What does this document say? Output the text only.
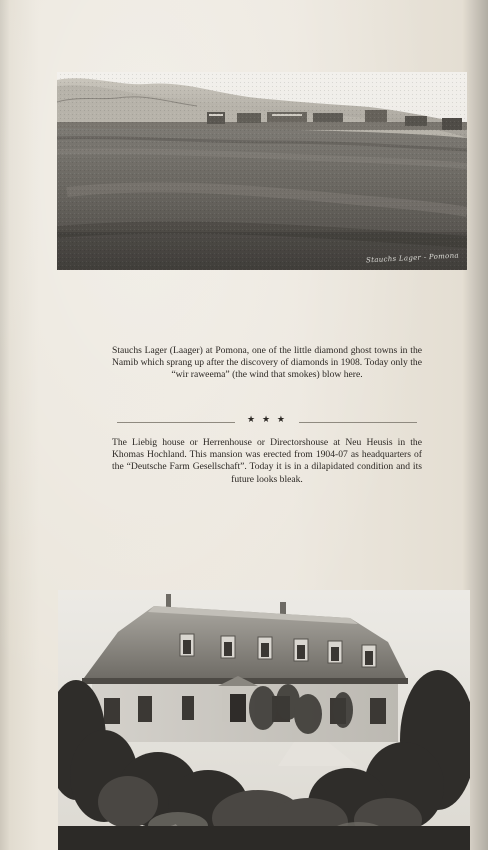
Stauchs Lager - Pomona
Stauchs Lager (Laager) at Pomona, one of the little diamond ghost towns in the Namib which sprang up after the discovery of diamonds in 1908. Today only the “wir raweema” (the wind that smokes) blow here.
★ ★ ★
The Liebig house or Herrenhouse or Directorshouse at Neu Heusis in the Khomas Hochland. This mansion was erected from 1904-07 as headquarters of the “Deutsche Farm Gesellschaft”. Today it is in a dilapidated condition and its future looks bleak.
